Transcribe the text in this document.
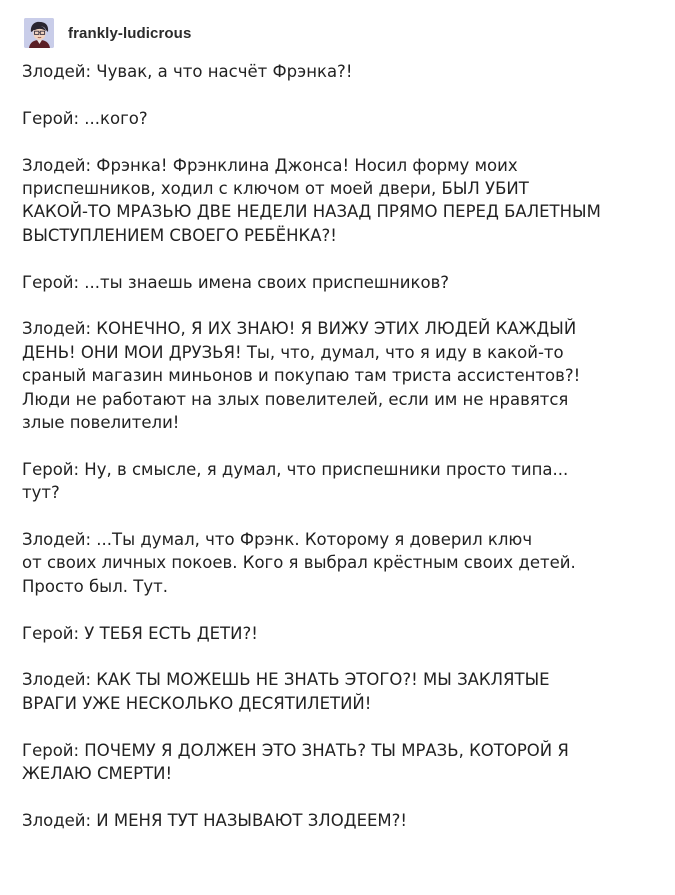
frankly-ludicrous

Злодей: Чувак, а что насчёт Фрэнка?!

Герой: ...кого?

Злодей: Фрэнка! Фрэнклина Джонса! Носил форму моих
приспешников, ходил с ключом от моей двери, БЫЛ УБИТ
КАКОЙ-ТО МРАЗЬЮ ДВЕ НЕДЕЛИ НАЗАД ПРЯМО ПЕРЕД БАЛЕТНЫМ
ВЫСТУПЛЕНИЕМ СВОЕГО РЕБЁНКА?!

Герой: ...ты знаешь имена своих приспешников?

Злодей: КОНЕЧНО, Я ИХ ЗНАЮ! Я ВИЖУ ЭТИХ ЛЮДЕЙ КАЖДЫЙ
ДЕНЬ! ОНИ МОИ ДРУЗЬЯ! Ты, что, думал, что я иду в какой-то
сраный магазин миньонов и покупаю там триста ассистентов?!
Люди не работают на злых повелителей, если им не нравятся
злые повелители!

Герой: Ну, в смысле, я думал, что приспешники просто типа...
тут?

Злодей: ...Ты думал, что Фрэнк. Которому я доверил ключ
от своих личных покоев. Кого я выбрал крёстным своих детей.
Просто был. Тут.

Герой: У ТЕБЯ ЕСТЬ ДЕТИ?!

Злодей: КАК ТЫ МОЖЕШЬ НЕ ЗНАТЬ ЭТОГО?! МЫ ЗАКЛЯТЫЕ
ВРАГИ УЖЕ НЕСКОЛЬКО ДЕСЯТИЛЕТИЙ!

Герой: ПОЧЕМУ Я ДОЛЖЕН ЭТО ЗНАТЬ? ТЫ МРАЗЬ, КОТОРОЙ Я
ЖЕЛАЮ СМЕРТИ!

Злодей: И МЕНЯ ТУТ НАЗЫВАЮТ ЗЛОДЕЕМ?!
